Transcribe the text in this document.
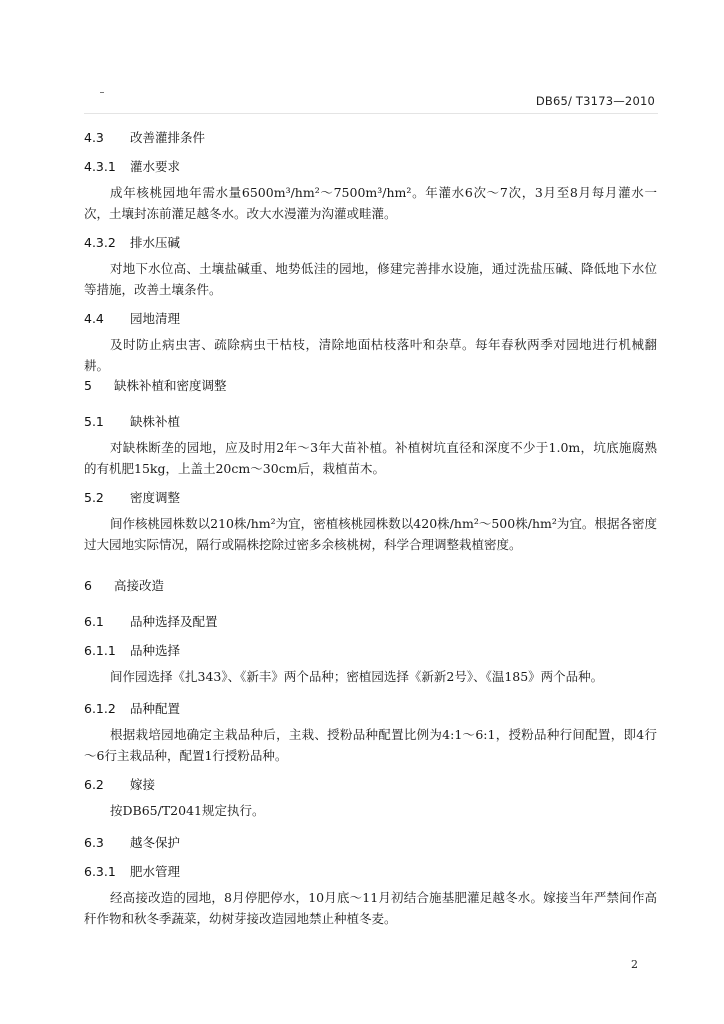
DB65/ T3173—2010
4.3 改善灌排条件
4.3.1 灌水要求
成年核桃园地年需水量6500m³/hm²～7500m³/hm²。年灌水6次～7次，3月至8月每月灌水一次，土壤封冻前灌足越冬水。改大水漫灌为沟灌或畦灌。
4.3.2 排水压碱
对地下水位高、土壤盐碱重、地势低洼的园地，修建完善排水设施，通过洗盐压碱、降低地下水位等措施，改善土壤条件。
4.4 园地清理
及时防止病虫害、疏除病虫干枯枝，清除地面枯枝落叶和杂草。每年春秋两季对园地进行机械翻耕。
5 缺株补植和密度调整
5.1 缺株补植
对缺株断垄的园地，应及时用2年～3年大苗补植。补植树坑直径和深度不少于1.0m，坑底施腐熟的有机肥15kg，上盖土20cm～30cm后，栽植苗木。
5.2 密度调整
间作核桃园株数以210株/hm²为宜，密植核桃园株数以420株/hm²～500株/hm²为宜。根据各密度过大园地实际情况，隔行或隔株挖除过密多余核桃树，科学合理调整栽植密度。
6 高接改造
6.1 品种选择及配置
6.1.1 品种选择
间作园选择《扎343》、《新丰》两个品种；密植园选择《新新2号》、《温185》两个品种。
6.1.2 品种配置
根据栽培园地确定主栽品种后，主栽、授粉品种配置比例为4:1～6:1，授粉品种行间配置，即4行～6行主栽品种，配置1行授粉品种。
6.2 嫁接
按DB65/T2041规定执行。
6.3 越冬保护
6.3.1 肥水管理
经高接改造的园地，8月停肥停水，10月底～11月初结合施基肥灌足越冬水。嫁接当年严禁间作高秆作物和秋冬季蔬菜，幼树芽接改造园地禁止种植冬麦。
2
